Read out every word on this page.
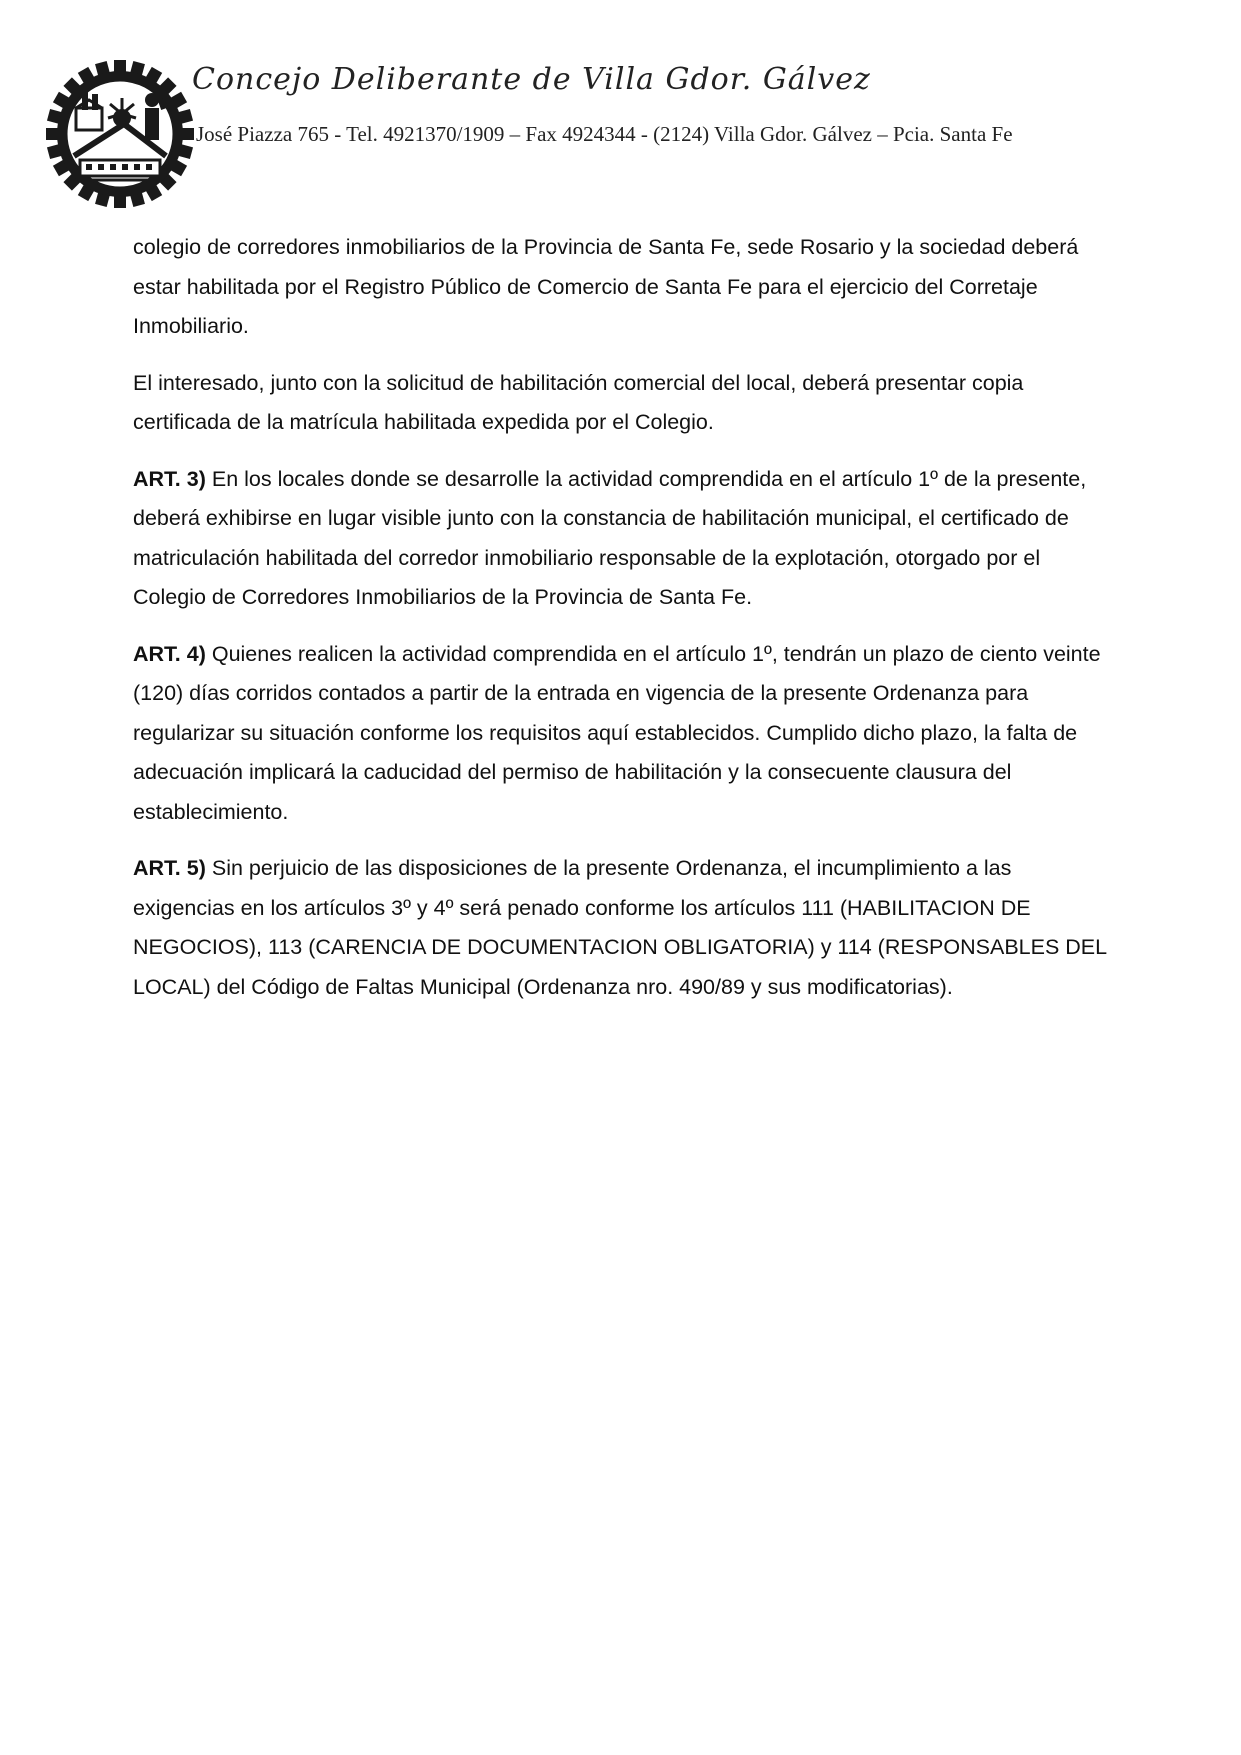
Concejo Deliberante de Villa Gdor. Gálvez
José Piazza 765 - Tel. 4921370/1909 – Fax 4924344 - (2124) Villa Gdor. Gálvez – Pcia. Santa Fe

colegio de corredores inmobiliarios de la Provincia de Santa Fe, sede Rosario y la sociedad deberá estar habilitada por el Registro Público de Comercio de Santa Fe para el ejercicio del Corretaje Inmobiliario.

El interesado, junto con la solicitud de habilitación comercial del local, deberá presentar copia certificada de la matrícula habilitada expedida por el Colegio.

ART. 3) En los locales donde se desarrolle la actividad comprendida en el artículo 1º de la presente, deberá exhibirse en lugar visible junto con la constancia de habilitación municipal, el certificado de matriculación habilitada del corredor inmobiliario responsable de la explotación, otorgado por el Colegio de Corredores Inmobiliarios de la Provincia de Santa Fe.

ART. 4) Quienes realicen la actividad comprendida en el artículo 1º, tendrán un plazo de ciento veinte (120) días corridos contados a partir de la entrada en vigencia de la presente Ordenanza para regularizar su situación conforme los requisitos aquí establecidos. Cumplido dicho plazo, la falta de adecuación implicará la caducidad del permiso de habilitación y la consecuente clausura del establecimiento.

ART. 5) Sin perjuicio de las disposiciones de la presente Ordenanza, el incumplimiento a las exigencias en los artículos 3º y 4º será penado conforme los artículos 111 (HABILITACION DE NEGOCIOS), 113 (CARENCIA DE DOCUMENTACION OBLIGATORIA) y 114 (RESPONSABLES DEL LOCAL) del Código de Faltas Municipal (Ordenanza nro. 490/89 y sus modificatorias).
